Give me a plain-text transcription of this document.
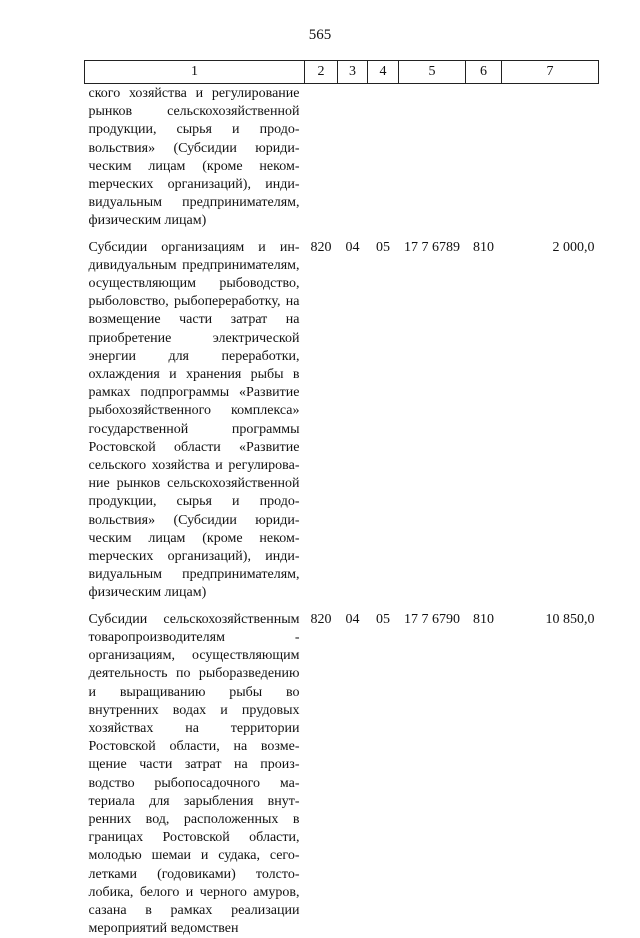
565
1	2	3	4	5	6	7
ского хозяйства и регулирование рынков сельскохозяйственной продукции, сырья и продовольствия» (Субсидии юридическим лицам (кроме некомmерческих организаций), индивидуальным предпринимателям, физическим лицам)						
Субсидии организациям и индивидуальным предпринимателям, осуществляющим рыбоводство, рыболовство, рыбопереработку, на возмещение части затрат на приобретение электрической энергии для переработки, охлаждения и хранения рыбы в рамках подпрограммы «Развитие рыбохозяйственного комплекса» государственной программы Ростовской области «Развитие сельского хозяйства и регулирование рынков сельскохозяйственной продукции, сырья и продовольствия» (Субсидии юридическим лицам (кроме некомmерческих организаций), индивидуальным предпринимателям, физическим лицам)	820	04	05	17 7 6789	810	2 000,0
Субсидии сельскохозяйственным товаропроизводителям - организациям, осуществляющим деятельность по рыборазведению и выращиванию рыбы во внутренних водах и прудовых хозяйствах на территории Ростовской области, на возмещение части затрат на производство рыбопосадочного материала для зарыбления внутренних вод, расположенных в границах Ростовской области, молодью шемаи и судака, сеголетками (годовиками) толстолобика, белого и черного амуров, сазана в рамках реализации мероприятий ведомствен	820	04	05	17 7 6790	810	10 850,0
